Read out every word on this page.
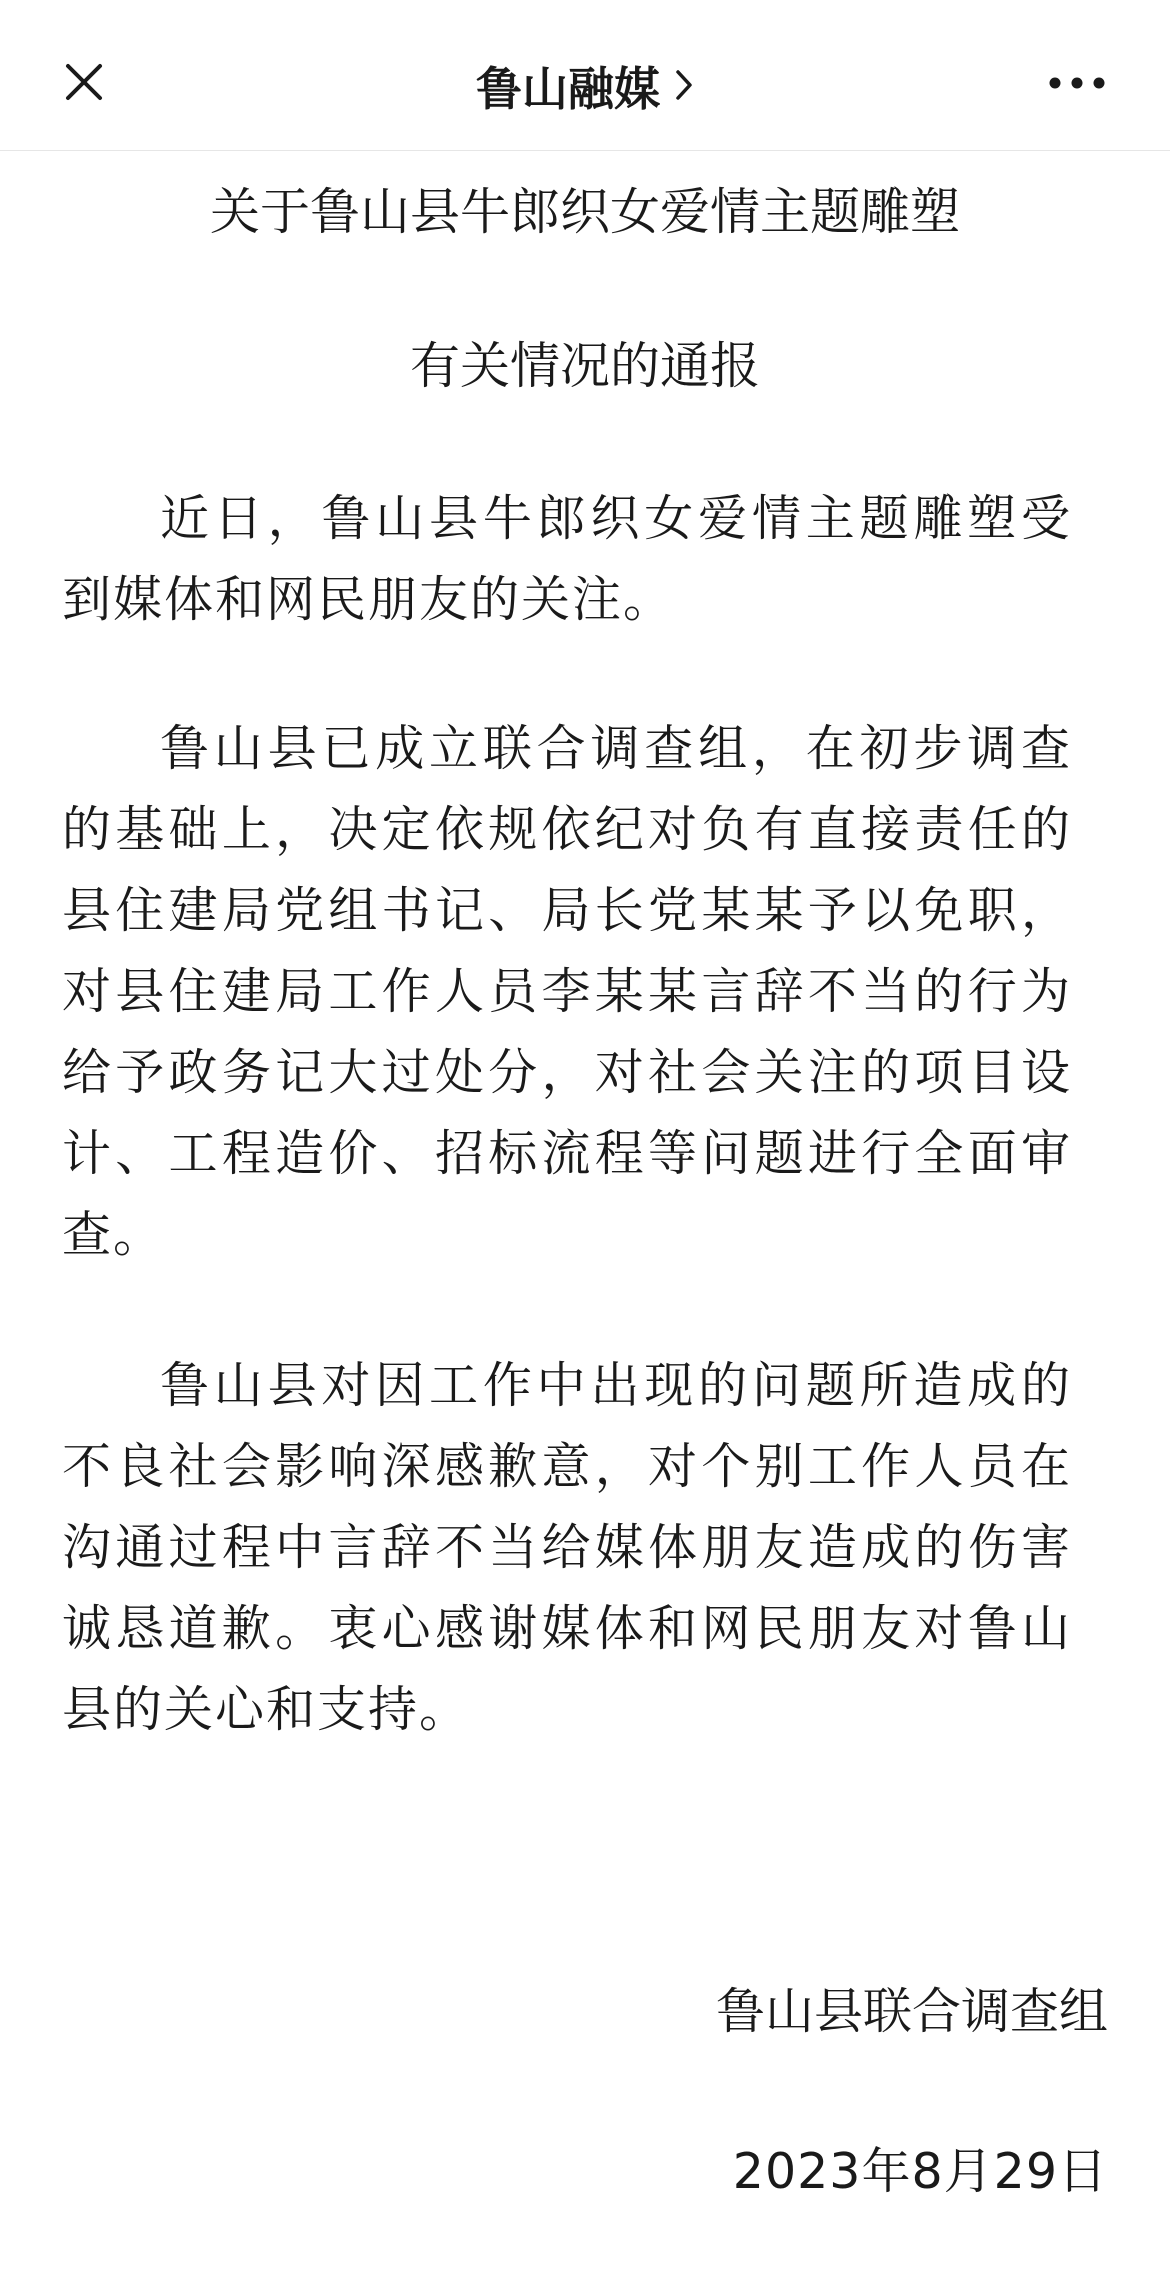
鲁山融媒
关于鲁山县牛郎织女爱情主题雕塑
有关情况的通报

近日，鲁山县牛郎织女爱情主题雕塑受到媒体和网民朋友的关注。

鲁山县已成立联合调查组，在初步调查的基础上，决定依规依纪对负有直接责任的县住建局党组书记、局长党某某予以免职，对县住建局工作人员李某某言辞不当的行为给予政务记大过处分，对社会关注的项目设计、工程造价、招标流程等问题进行全面审查。

鲁山县对因工作中出现的问题所造成的不良社会影响深感歉意，对个别工作人员在沟通过程中言辞不当给媒体朋友造成的伤害诚恳道歉。衷心感谢媒体和网民朋友对鲁山县的关心和支持。

鲁山县联合调查组
2023年8月29日
